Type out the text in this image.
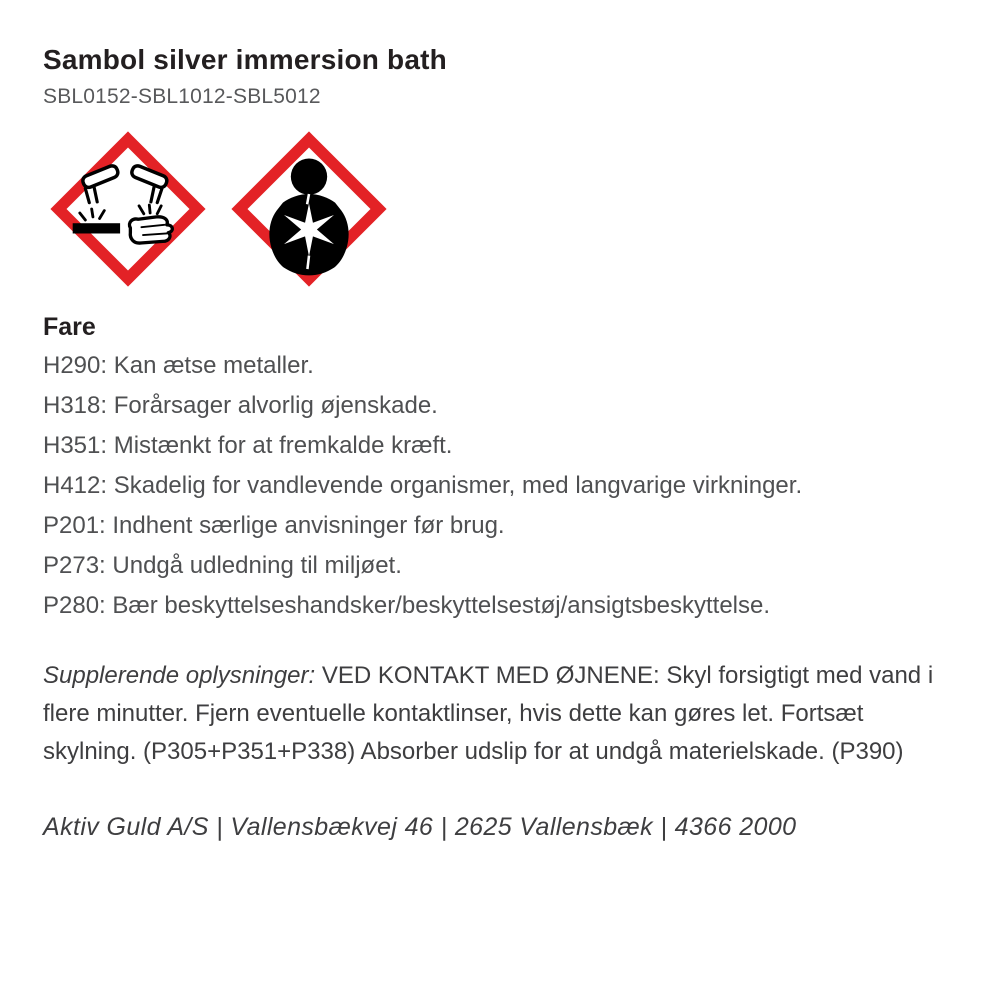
Sambol silver immersion bath
SBL0152-SBL1012-SBL5012
Fare
H290: Kan ætse metaller.
H318: Forårsager alvorlig øjenskade.
H351: Mistænkt for at fremkalde kræft.
H412: Skadelig for vandlevende organismer, med langvarige virkninger.
P201: Indhent særlige anvisninger før brug.
P273: Undgå udledning til miljøet.
P280: Bær beskyttelseshandsker/beskyttelsestøj/ansigtsbeskyttelse.

Supplerende oplysninger: VED KONTAKT MED ØJNENE: Skyl forsigtigt med vand i flere minutter. Fjern eventuelle kontaktlinser, hvis dette kan gøres let. Fortsæt skylning. (P305+P351+P338) Absorber udslip for at undgå materielskade. (P390)

Aktiv Guld A/S | Vallensbækvej 46 | 2625 Vallensbæk | 4366 2000
